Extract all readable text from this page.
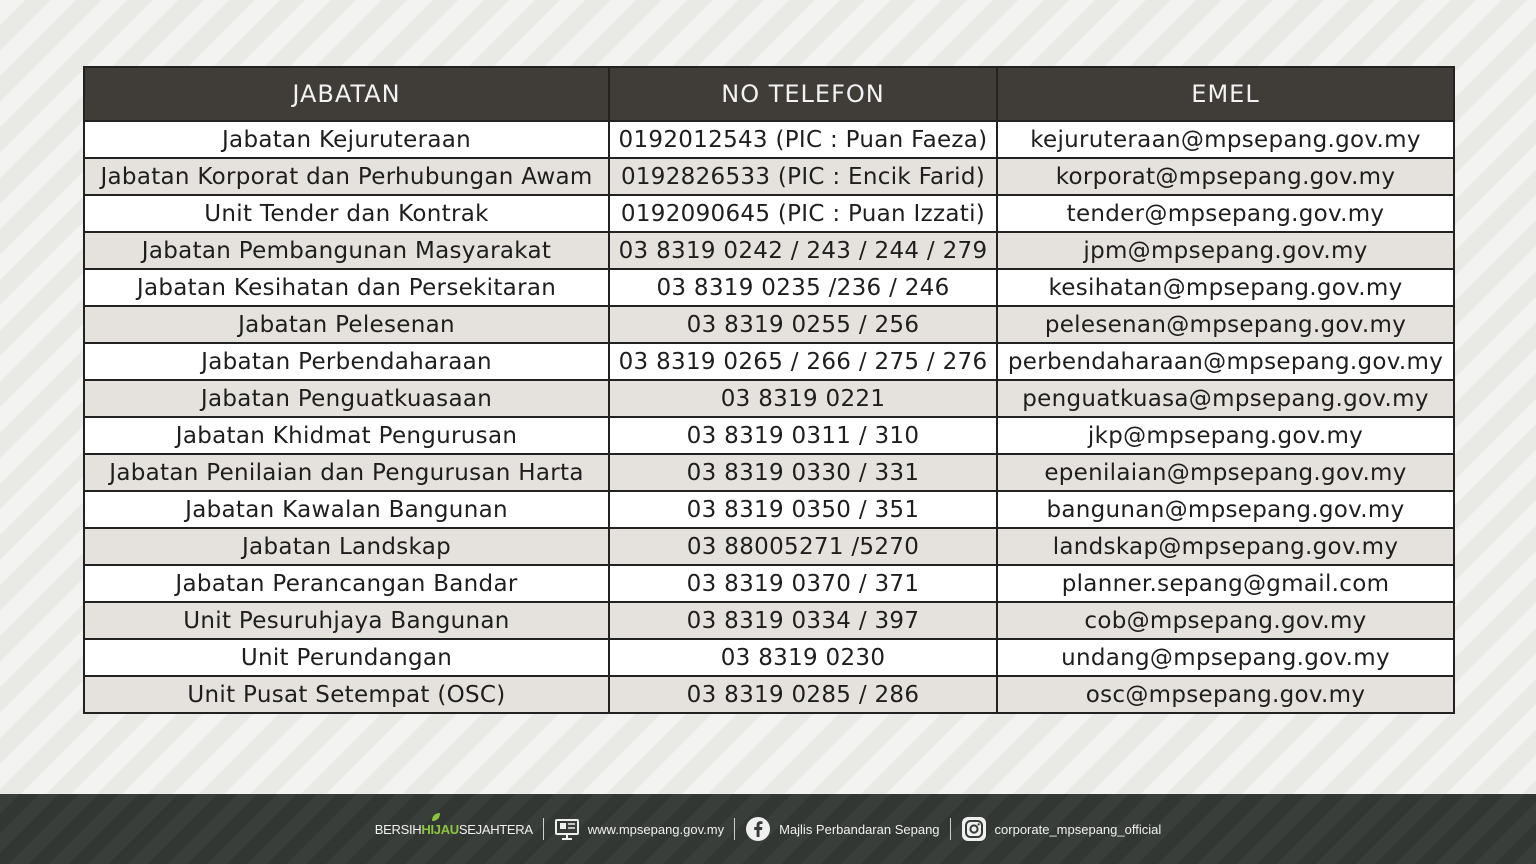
JABATAN	NO TELEFON	EMEL
Jabatan Kejuruteraan	0192012543 (PIC : Puan Faeza)	kejuruteraan@mpsepang.gov.my
Jabatan Korporat dan Perhubungan Awam	0192826533 (PIC : Encik Farid)	korporat@mpsepang.gov.my
Unit Tender dan Kontrak	0192090645 (PIC : Puan Izzati)	tender@mpsepang.gov.my
Jabatan Pembangunan Masyarakat	03 8319 0242 / 243 / 244 / 279	jpm@mpsepang.gov.my
Jabatan Kesihatan dan Persekitaran	03 8319 0235 /236 / 246	kesihatan@mpsepang.gov.my
Jabatan Pelesenan	03 8319 0255 / 256	pelesenan@mpsepang.gov.my
Jabatan Perbendaharaan	03 8319 0265 / 266 / 275 / 276	perbendaharaan@mpsepang.gov.my
Jabatan Penguatkuasaan	03 8319 0221	penguatkuasa@mpsepang.gov.my
Jabatan Khidmat Pengurusan	03 8319 0311 / 310	jkp@mpsepang.gov.my
Jabatan Penilaian dan Pengurusan Harta	03 8319 0330 / 331	epenilaian@mpsepang.gov.my
Jabatan Kawalan Bangunan	03 8319 0350 / 351	bangunan@mpsepang.gov.my
Jabatan Landskap	03 88005271 /5270	landskap@mpsepang.gov.my
Jabatan Perancangan Bandar	03 8319 0370 / 371	planner.sepang@gmail.com
Unit Pesuruhjaya Bangunan	03 8319 0334 / 397	cob@mpsepang.gov.my
Unit Perundangan	03 8319 0230	undang@mpsepang.gov.my
Unit Pusat Setempat (OSC)	03 8319 0285 / 286	osc@mpsepang.gov.my
BERSIHHIJAUSEJAHTERA	www.mpsepang.gov.my	Majlis Perbandaran Sepang	corporate_mpsepang_official
